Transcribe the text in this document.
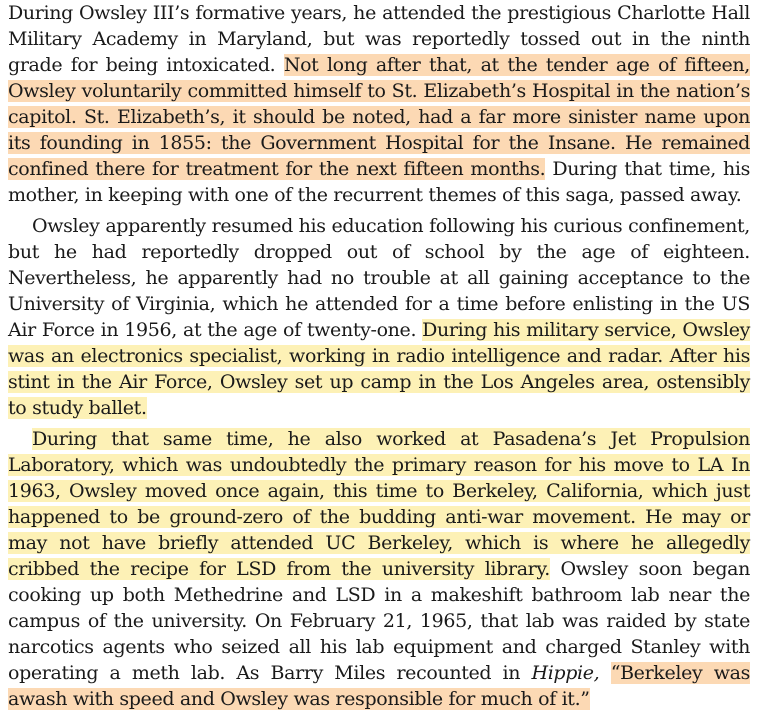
During Owsley III’s formative years, he attended the prestigious Charlotte Hall Military Academy in Maryland, but was reportedly tossed out in the ninth grade for being intoxicated. Not long after that, at the tender age of fifteen, Owsley voluntarily committed himself to St. Elizabeth’s Hospital in the nation’s capitol. St. Elizabeth’s, it should be noted, had a far more sinister name upon its founding in 1855: the Government Hospital for the Insane. He remained confined there for treatment for the next fifteen months. During that time, his mother, in keeping with one of the recurrent themes of this saga, passed away.

Owsley apparently resumed his education following his curious confinement, but he had reportedly dropped out of school by the age of eighteen. Nevertheless, he apparently had no trouble at all gaining acceptance to the University of Virginia, which he attended for a time before enlisting in the US Air Force in 1956, at the age of twenty-one. During his military service, Owsley was an electronics specialist, working in radio intelligence and radar. After his stint in the Air Force, Owsley set up camp in the Los Angeles area, ostensibly to study ballet.

During that same time, he also worked at Pasadena’s Jet Propulsion Laboratory, which was undoubtedly the primary reason for his move to LA In 1963, Owsley moved once again, this time to Berkeley, California, which just happened to be ground-zero of the budding anti-war movement. He may or may not have briefly attended UC Berkeley, which is where he allegedly cribbed the recipe for LSD from the university library. Owsley soon began cooking up both Methedrine and LSD in a makeshift bathroom lab near the campus of the university. On February 21, 1965, that lab was raided by state narcotics agents who seized all his lab equipment and charged Stanley with operating a meth lab. As Barry Miles recounted in Hippie, “Berkeley was awash with speed and Owsley was responsible for much of it.”
